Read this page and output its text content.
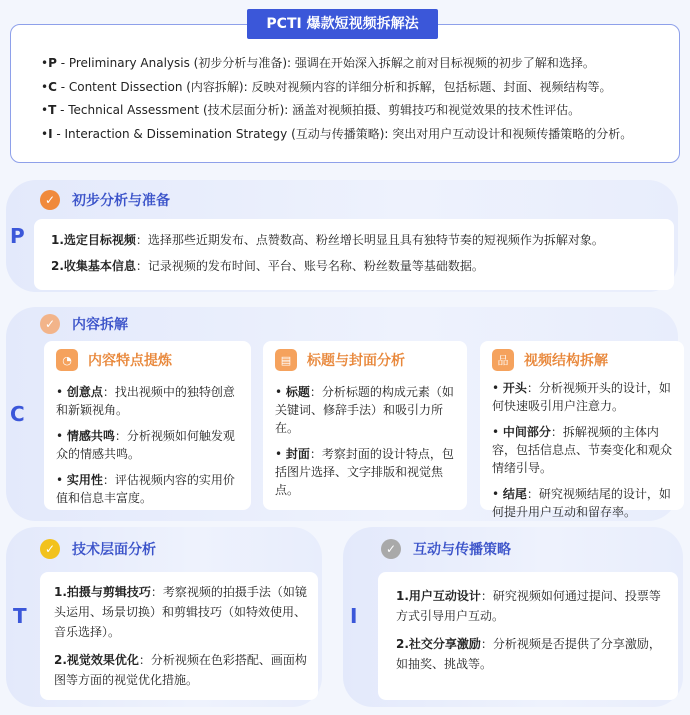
PCTI 爆款短视频拆解法
•P - Preliminary Analysis (初步分析与准备): 强调在开始深入拆解之前对目标视频的初步了解和选择。
•C - Content Dissection (内容拆解): 反映对视频内容的详细分析和拆解，包括标题、封面、视频结构等。
•T - Technical Assessment (技术层面分析): 涵盖对视频拍摄、剪辑技巧和视觉效果的技术性评估。
•I - Interaction & Dissemination Strategy (互动与传播策略): 突出对用户互动设计和视频传播策略的分析。
P
✓	初步分析与准备
1.选定目标视频：选择那些近期发布、点赞数高、粉丝增长明显且具有独特节奏的短视频作为拆解对象。
2.收集基本信息：记录视频的发布时间、平台、账号名称、粉丝数量等基础数据。
C
✓	内容拆解
◔	内容特点提炼
• 创意点：找出视频中的独特创意和新颖视角。
• 情感共鸣：分析视频如何触发观众的情感共鸣。
• 实用性：评估视频内容的实用价值和信息丰富度。
▤	标题与封面分析
• 标题：分析标题的构成元素（如关键词、修辞手法）和吸引力所在。
• 封面：考察封面的设计特点，包括图片选择、文字排版和视觉焦点。
品	视频结构拆解
• 开头：分析视频开头的设计，如何快速吸引用户注意力。
• 中间部分：拆解视频的主体内容，包括信息点、节奏变化和观众情绪引导。
• 结尾：研究视频结尾的设计，如何提升用户互动和留存率。
T
✓	技术层面分析
1.拍摄与剪辑技巧：考察视频的拍摄手法（如镜头运用、场景切换）和剪辑技巧（如特效使用、音乐选择）。
2.视觉效果优化：分析视频在色彩搭配、画面构图等方面的视觉优化措施。
I
✓	互动与传播策略
1.用户互动设计：研究视频如何通过提问、投票等方式引导用户互动。
2.社交分享激励：分析视频是否提供了分享激励，如抽奖、挑战等。
